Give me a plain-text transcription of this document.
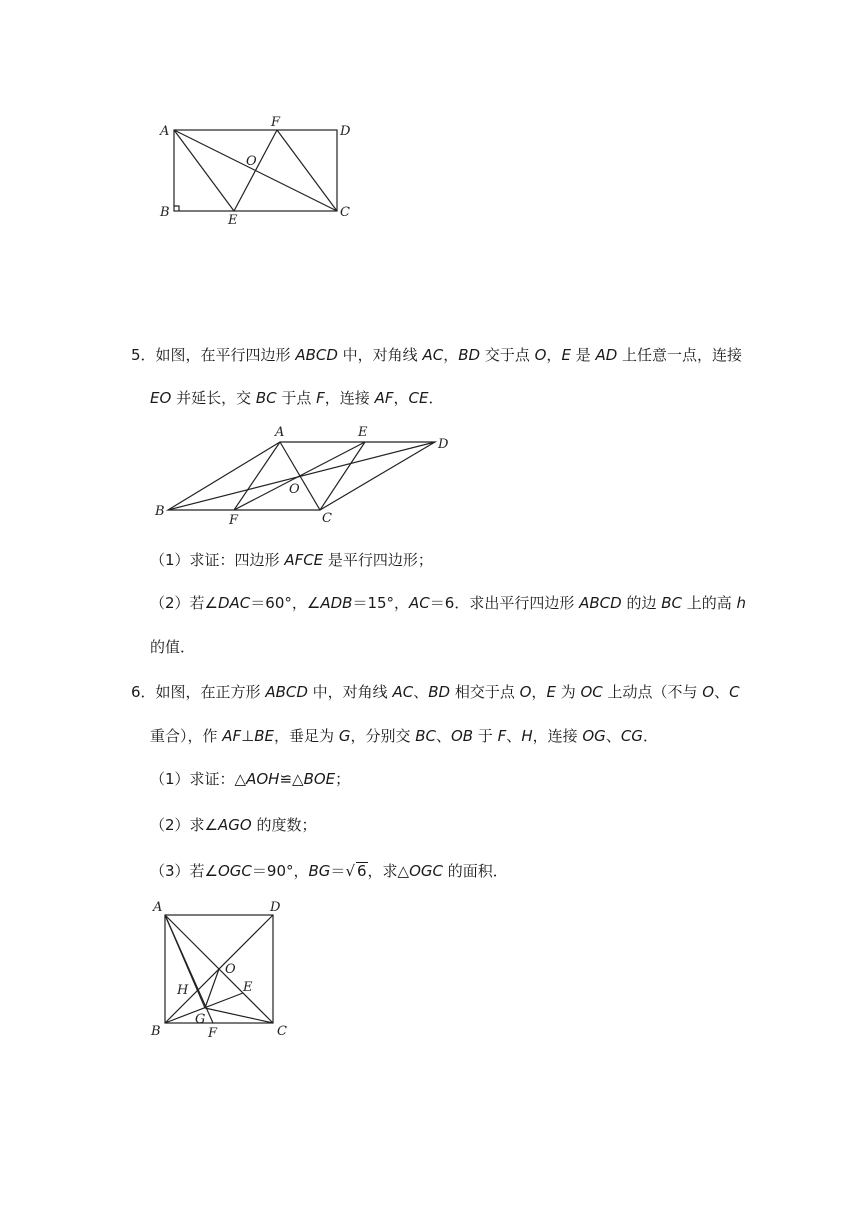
A
B	C
D
E
F
O
5．如图，在平行四边形 ABCD 中，对角线 AC，BD 交于点 O，E 是 AD 上任意一点，连接
EO 并延长，交 BC 于点 F，连接 AF，CE．
A
B	C
D
E
F
O
（1）求证：四边形 AFCE 是平行四边形；
（2）若∠DAC＝60°，∠ADB＝15°，AC＝6．求出平行四边形 ABCD 的边 BC 上的高 h
的值．
6．如图，在正方形 ABCD 中，对角线 AC、BD 相交于点 O，E 为 OC 上动点（不与 O、C
重合），作 AF⊥BE，垂足为 G，分别交 BC、OB 于 F、H，连接 OG、CG．
（1）求证：△AOH≌△BOE；
（2）求∠AGO 的度数；
（3）若∠OGC＝90°，BG＝√ 6，求△OGC 的面积．
A
B	C
D
E
F
G
H
O
